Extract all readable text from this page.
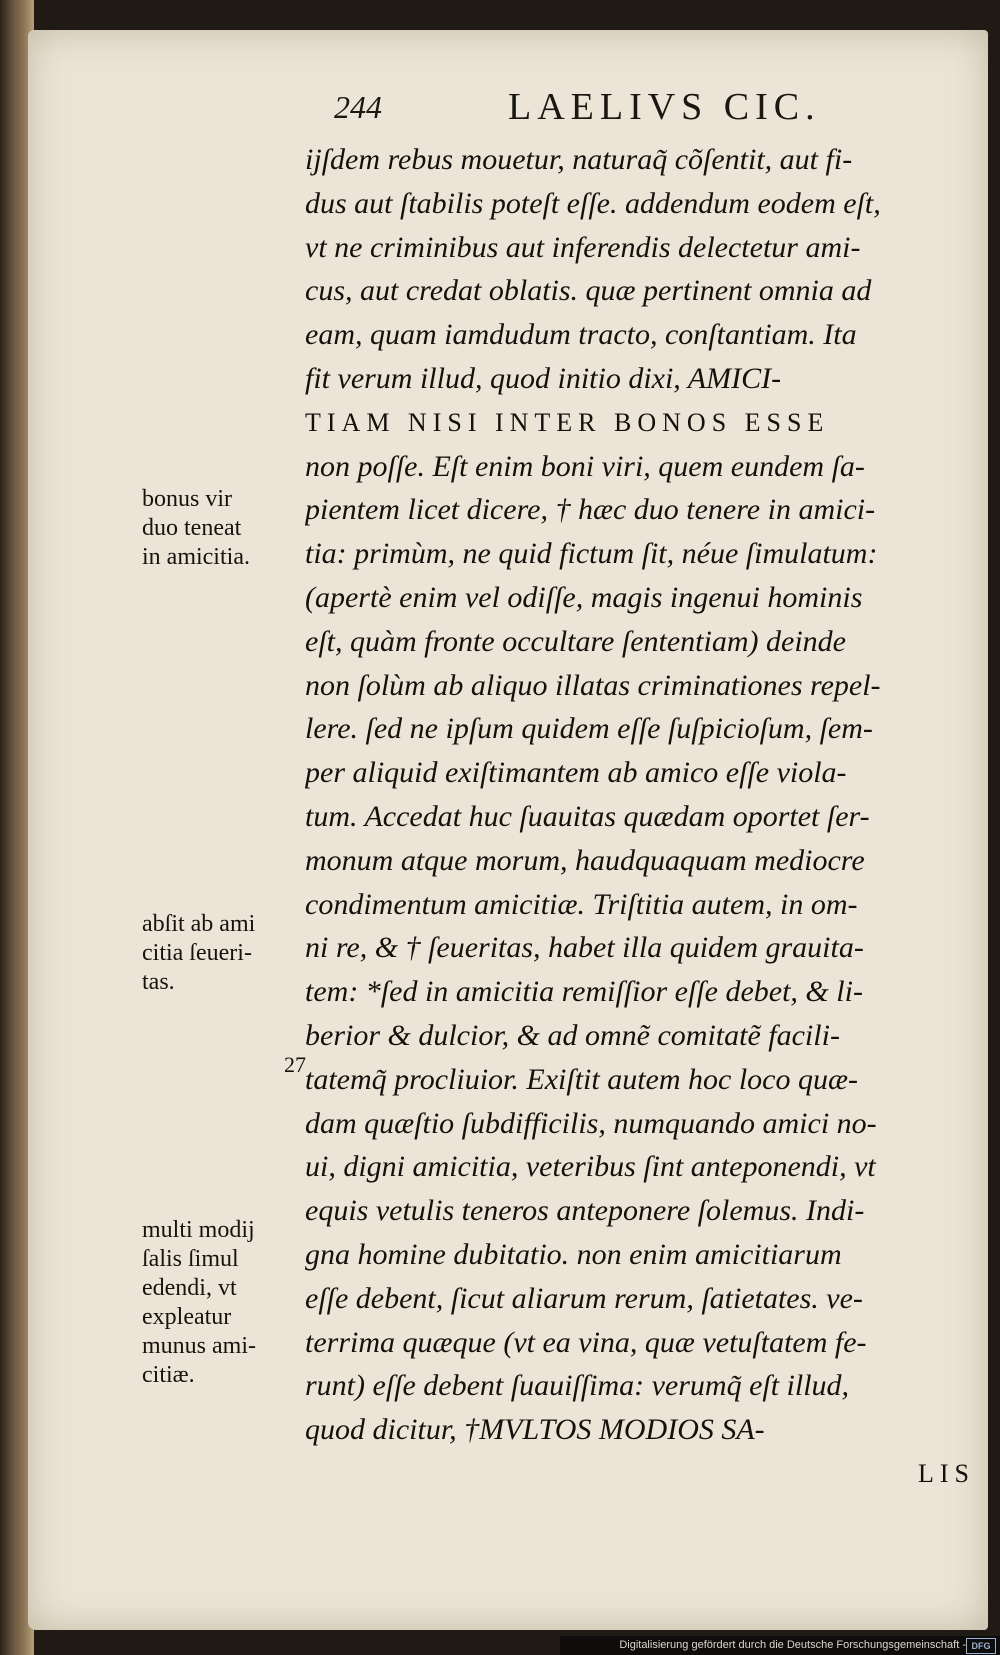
244	LAELIVS CIC.
ijſdem rebus mouetur, naturaq̃ cõſentit, aut fi-
dus aut ſtabilis poteſt eſſe. addendum eodem eſt,
vt ne criminibus aut inferendis delectetur ami-
cus, aut credat oblatis. quæ pertinent omnia ad
eam, quam iamdudum tracto, conſtantiam. Ita
fit verum illud, quod initio dixi, AMICI-
TIAM NISI INTER BONOS ESSE
non poſſe. Eſt enim boni viri, quem eundem ſa-
pientem licet dicere, † hæc duo tenere in amici-
tia: primùm, ne quid fictum ſit, néue ſimulatum:
(apertè enim vel odiſſe, magis ingenui hominis
eſt, quàm fronte occultare ſententiam) deinde
non ſolùm ab aliquo illatas criminationes repel-
lere. ſed ne ipſum quidem eſſe ſuſpicioſum, ſem-
per aliquid exiſtimantem ab amico eſſe viola-
tum. Accedat huc ſuauitas quædam oportet ſer-
monum atque morum, haudquaquam mediocre
condimentum amicitiæ. Triſtitia autem, in om-
ni re, & † ſeueritas, habet illa quidem grauita-
tem: *ſed in amicitia remiſſior eſſe debet, & li-
berior & dulcior, & ad omnẽ comitatẽ facili-
tatemq̃ procliuior. Exiſtit autem hoc loco quæ-
dam quæſtio ſubdifficilis, numquando amici no-
ui, digni amicitia, veteribus ſint anteponendi, vt
equis vetulis teneros anteponere ſolemus. Indi-
gna homine dubitatio. non enim amicitiarum
eſſe debent, ſicut aliarum rerum, ſatietates. ve-
terrima quæque (vt ea vina, quæ vetuſtatem fe-
runt) eſſe debent ſuauiſſima: verumq̃ eſt illud,
quod dicitur, †MVLTOS MODIOS SA-
LIS
bonus vir
duo teneat
in amicitia.
abſit ab ami
citia ſeueri-
tas.
27
multi modij
ſalis ſimul
edendi, vt
expleatur
munus ami-
citiæ.
Digitalisierung gefördert durch die Deutsche Forschungsgemeinschaft - DFG
